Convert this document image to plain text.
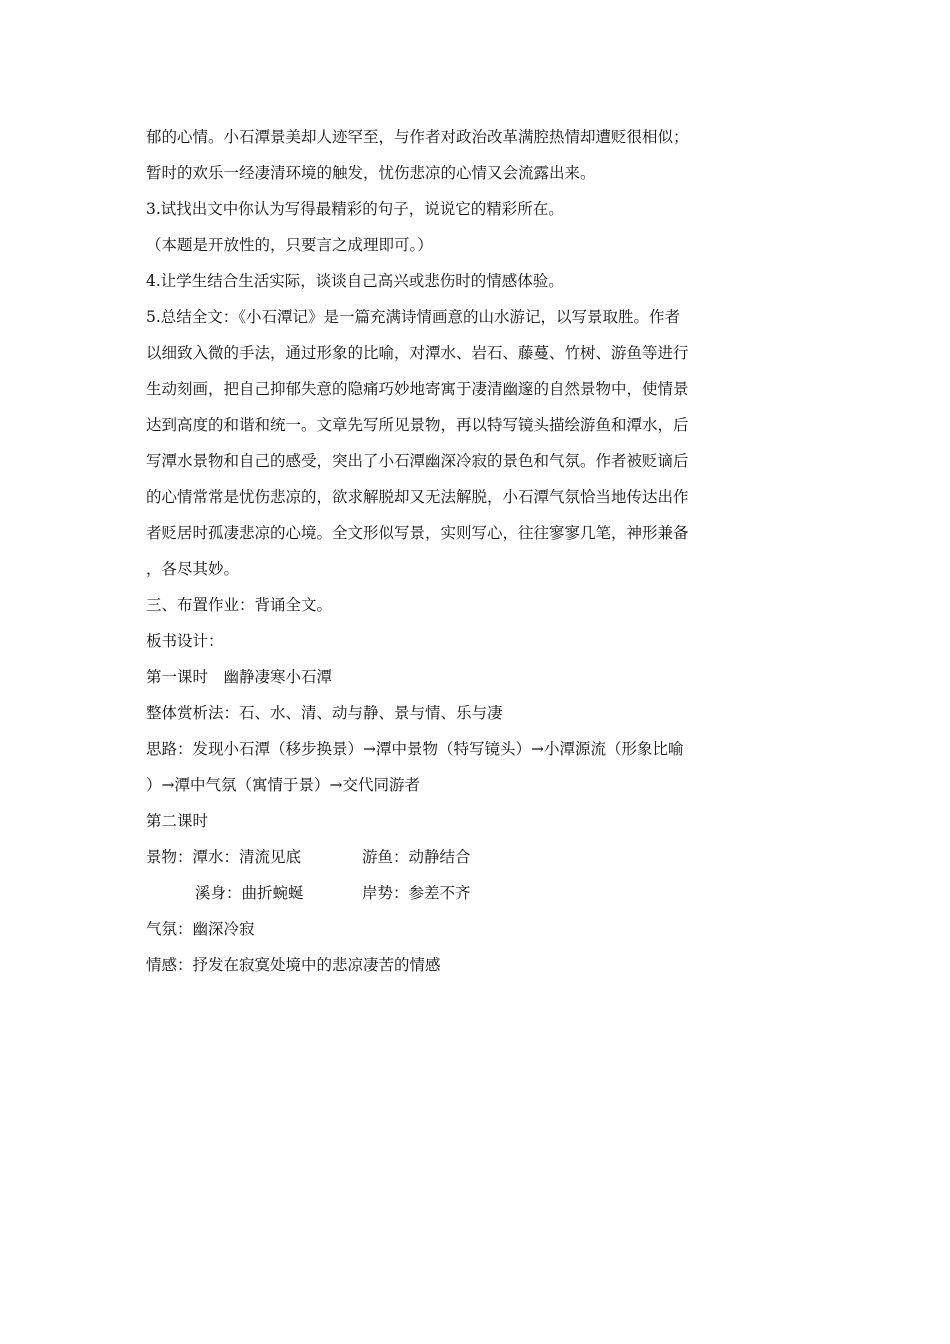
郁的心情。小石潭景美却人迹罕至，与作者对政治改革满腔热情却遭贬很相似；
暂时的欢乐一经凄清环境的触发，忧伤悲凉的心情又会流露出来。
3.试找出文中你认为写得最精彩的句子，说说它的精彩所在。
（本题是开放性的，只要言之成理即可。）
4.让学生结合生活实际，谈谈自己高兴或悲伤时的情感体验。
5.总结全文：《小石潭记》是一篇充满诗情画意的山水游记，以写景取胜。作者
以细致入微的手法，通过形象的比喻，对潭水、岩石、藤蔓、竹树、游鱼等进行
生动刻画，把自己抑郁失意的隐痛巧妙地寄寓于凄清幽邃的自然景物中，使情景
达到高度的和谐和统一。文章先写所见景物，再以特写镜头描绘游鱼和潭水，后
写潭水景物和自己的感受，突出了小石潭幽深冷寂的景色和气氛。作者被贬谪后
的心情常常是忧伤悲凉的，欲求解脱却又无法解脱，小石潭气氛恰当地传达出作
者贬居时孤凄悲凉的心境。全文形似写景，实则写心，往往寥寥几笔，神形兼备
，各尽其妙。
三、布置作业：背诵全文。
板书设计：
第一课时　幽静凄寒小石潭
整体赏析法：石、水、清、动与静、景与情、乐与凄
思路：发现小石潭（移步换景）→潭中景物（特写镜头）→小潭源流（形象比喻
）→潭中气氛（寓情于景）→交代同游者
第二课时
景物：潭水：清流见底	游鱼：动静结合
溪身：曲折蜿蜒	岸势：参差不齐
气氛：幽深冷寂
情感：抒发在寂寞处境中的悲凉凄苦的情感
